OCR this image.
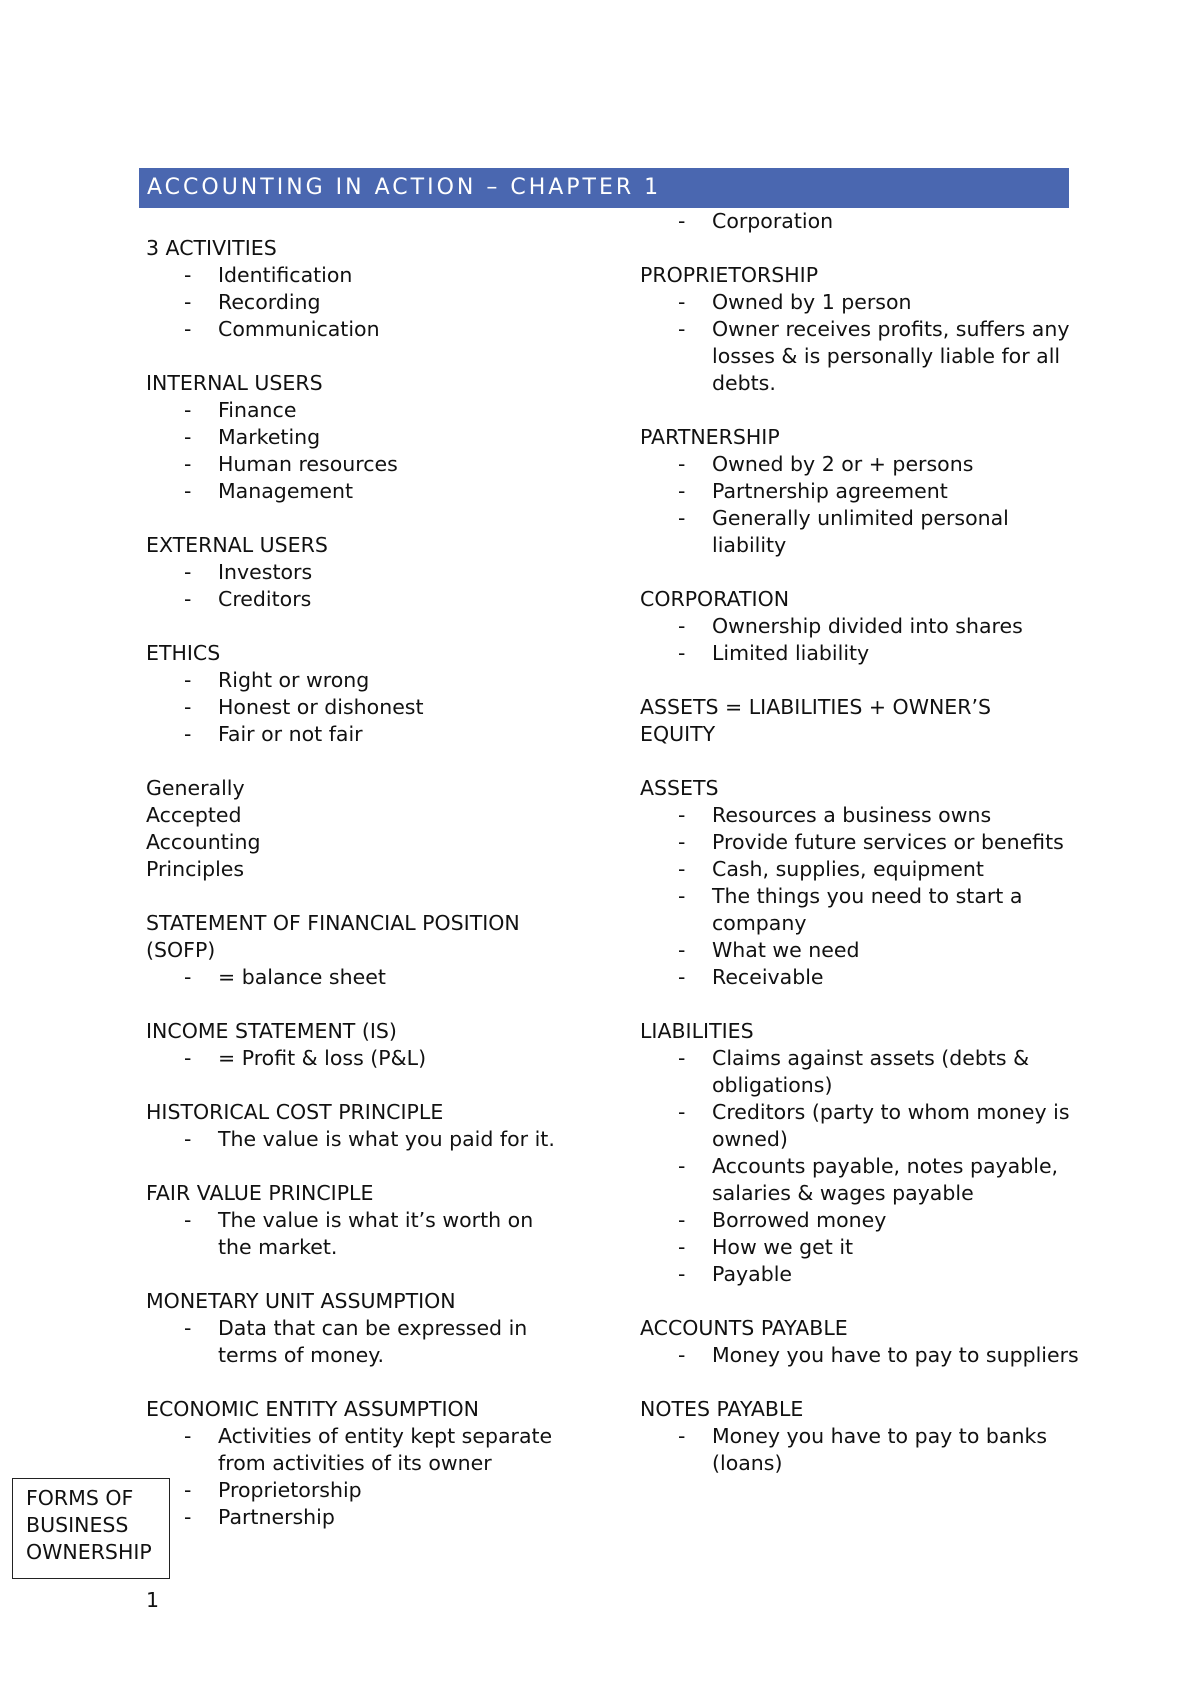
ACCOUNTING IN ACTION – CHAPTER 1
3 ACTIVITIES
- Identification
- Recording
- Communication
INTERNAL USERS
- Finance
- Marketing
- Human resources
- Management
EXTERNAL USERS
- Investors
- Creditors
ETHICS
- Right or wrong
- Honest or dishonest
- Fair or not fair
Generally
Accepted
Accounting
Principles
STATEMENT OF FINANCIAL POSITION
(SOFP)
- = balance sheet
INCOME STATEMENT (IS)
- = Profit & loss (P&L)
HISTORICAL COST PRINCIPLE
- The value is what you paid for it.
FAIR VALUE PRINCIPLE
- The value is what it’s worth on the market.
MONETARY UNIT ASSUMPTION
- Data that can be expressed in terms of money.
ECONOMIC ENTITY ASSUMPTION
- Activities of entity kept separate from activities of its owner
- Proprietorship
- Partnership
- Corporation
PROPRIETORSHIP
- Owned by 1 person
- Owner receives profits, suffers any losses & is personally liable for all debts.
PARTNERSHIP
- Owned by 2 or + persons
- Partnership agreement
- Generally unlimited personal liability
CORPORATION
- Ownership divided into shares
- Limited liability
ASSETS = LIABILITIES + OWNER’S
EQUITY
ASSETS
- Resources a business owns
- Provide future services or benefits
- Cash, supplies, equipment
- The things you need to start a company
- What we need
- Receivable
LIABILITIES
- Claims against assets (debts & obligations)
- Creditors (party to whom money is owned)
- Accounts payable, notes payable, salaries & wages payable
- Borrowed money
- How we get it
- Payable
ACCOUNTS PAYABLE
- Money you have to pay to suppliers
NOTES PAYABLE
- Money you have to pay to banks (loans)
FORMS OF
BUSINESS
OWNERSHIP
1
